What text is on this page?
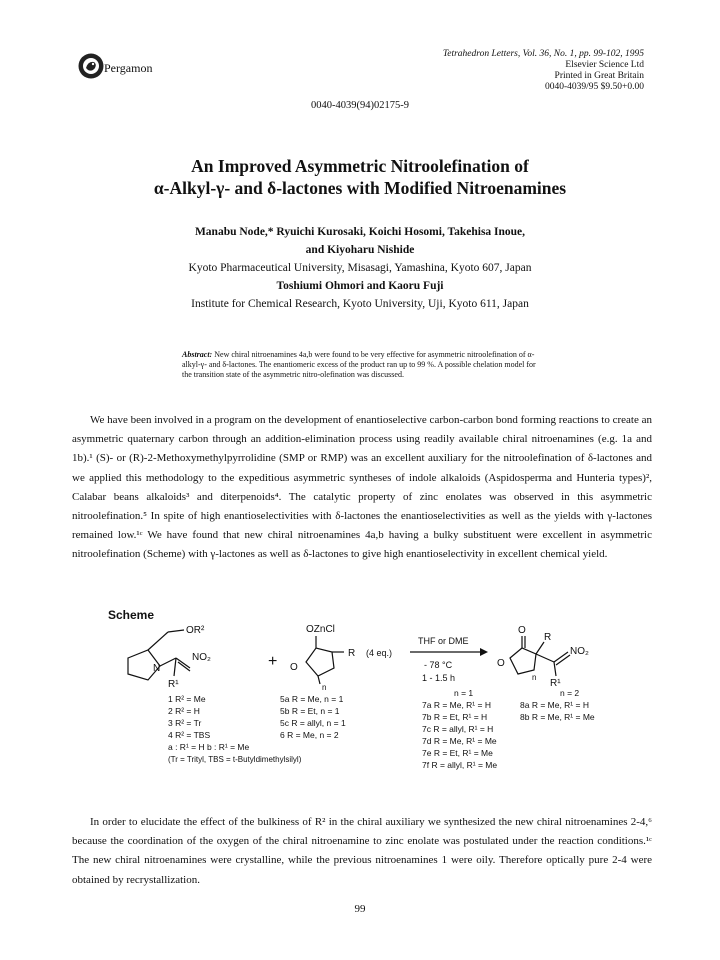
Pergamon
Tetrahedron Letters, Vol. 36, No. 1, pp. 99-102, 1995
Elsevier Science Ltd
Printed in Great Britain
0040-4039/95 $9.50+0.00
0040-4039(94)02175-9
An Improved Asymmetric Nitroolefination of
α-Alkyl-γ- and δ-lactones with Modified Nitroenamines
Manabu Node,* Ryuichi Kurosaki, Koichi Hosomi, Takehisa Inoue,
and Kiyoharu Nishide
Kyoto Pharmaceutical University, Misasagi, Yamashina, Kyoto 607, Japan
Toshiumi Ohmori and Kaoru Fuji
Institute for Chemical Research, Kyoto University, Uji, Kyoto 611, Japan
Abstract: New chiral nitroenamines 4a,b were found to be very effective for asymmetric nitroolefination of α-alkyl-γ- and δ-lactones. The enantiomeric excess of the product ran up to 99 %. A possible chelation model for the transition state of the asymmetric nitro-olefination was discussed.

We have been involved in a program on the development of enantioselective carbon-carbon bond forming reactions to create an asymmetric quaternary carbon through an addition-elimination process using readily available chiral nitroenamines (e.g. 1a and 1b).¹ (S)- or (R)-2-Methoxymethylpyrrolidine (SMP or RMP) was an excellent auxiliary for the nitroolefination of δ-lactones and we applied this methodology to the expeditious asymmetric syntheses of indole alkaloids (Aspidosperma and Hunteria types)², Calabar beans alkaloids³ and diterpenoids⁴. The catalytic property of zinc enolates was observed in this asymmetric nitroolefination.⁵ In spite of high enantioselectivities with δ-lactones the enantioselectivities as well as the yields with γ-lactones remained low.¹ᶜ We have found that new chiral nitroenamines 4a,b having a bulky substituent were excellent in asymmetric nitroolefination (Scheme) with γ-lactones as well as δ-lactones to give high enantioselectivity in excellent chemical yield.

Scheme
OR²
N
NO₂
R¹
+
OZnCl
O
R (4 eq.)
n
THF or DME
- 78 °C
1 - 1.5 h
O
R
O
NO₂
R¹
n
1 R² = Me
2 R² = H
3 R² = Tr
4 R² = TBS
a : R¹ = H b : R¹ = Me
(Tr = Trityl, TBS = t-Butyldimethylsilyl)
5a R = Me, n = 1
5b R = Et, n = 1
5c R = allyl, n = 1
6 R = Me, n = 2
n = 1
7a R = Me, R¹ = H
7b R = Et, R¹ = H
7c R = allyl, R¹ = H
7d R = Me, R¹ = Me
7e R = Et, R¹ = Me
7f R = allyl, R¹ = Me
n = 2
8a R = Me, R¹ = H
8b R = Me, R¹ = Me

In order to elucidate the effect of the bulkiness of R² in the chiral auxiliary we synthesized the new chiral nitroenamines 2-4,⁶ because the coordination of the oxygen of the chiral nitroenamine to zinc enolate was postulated under the reaction conditions.¹ᶜ The new chiral nitroenamines were crystalline, while the previous nitroenamines 1 were oily. Therefore optically pure 2-4 were obtained by recrystallization.

99
